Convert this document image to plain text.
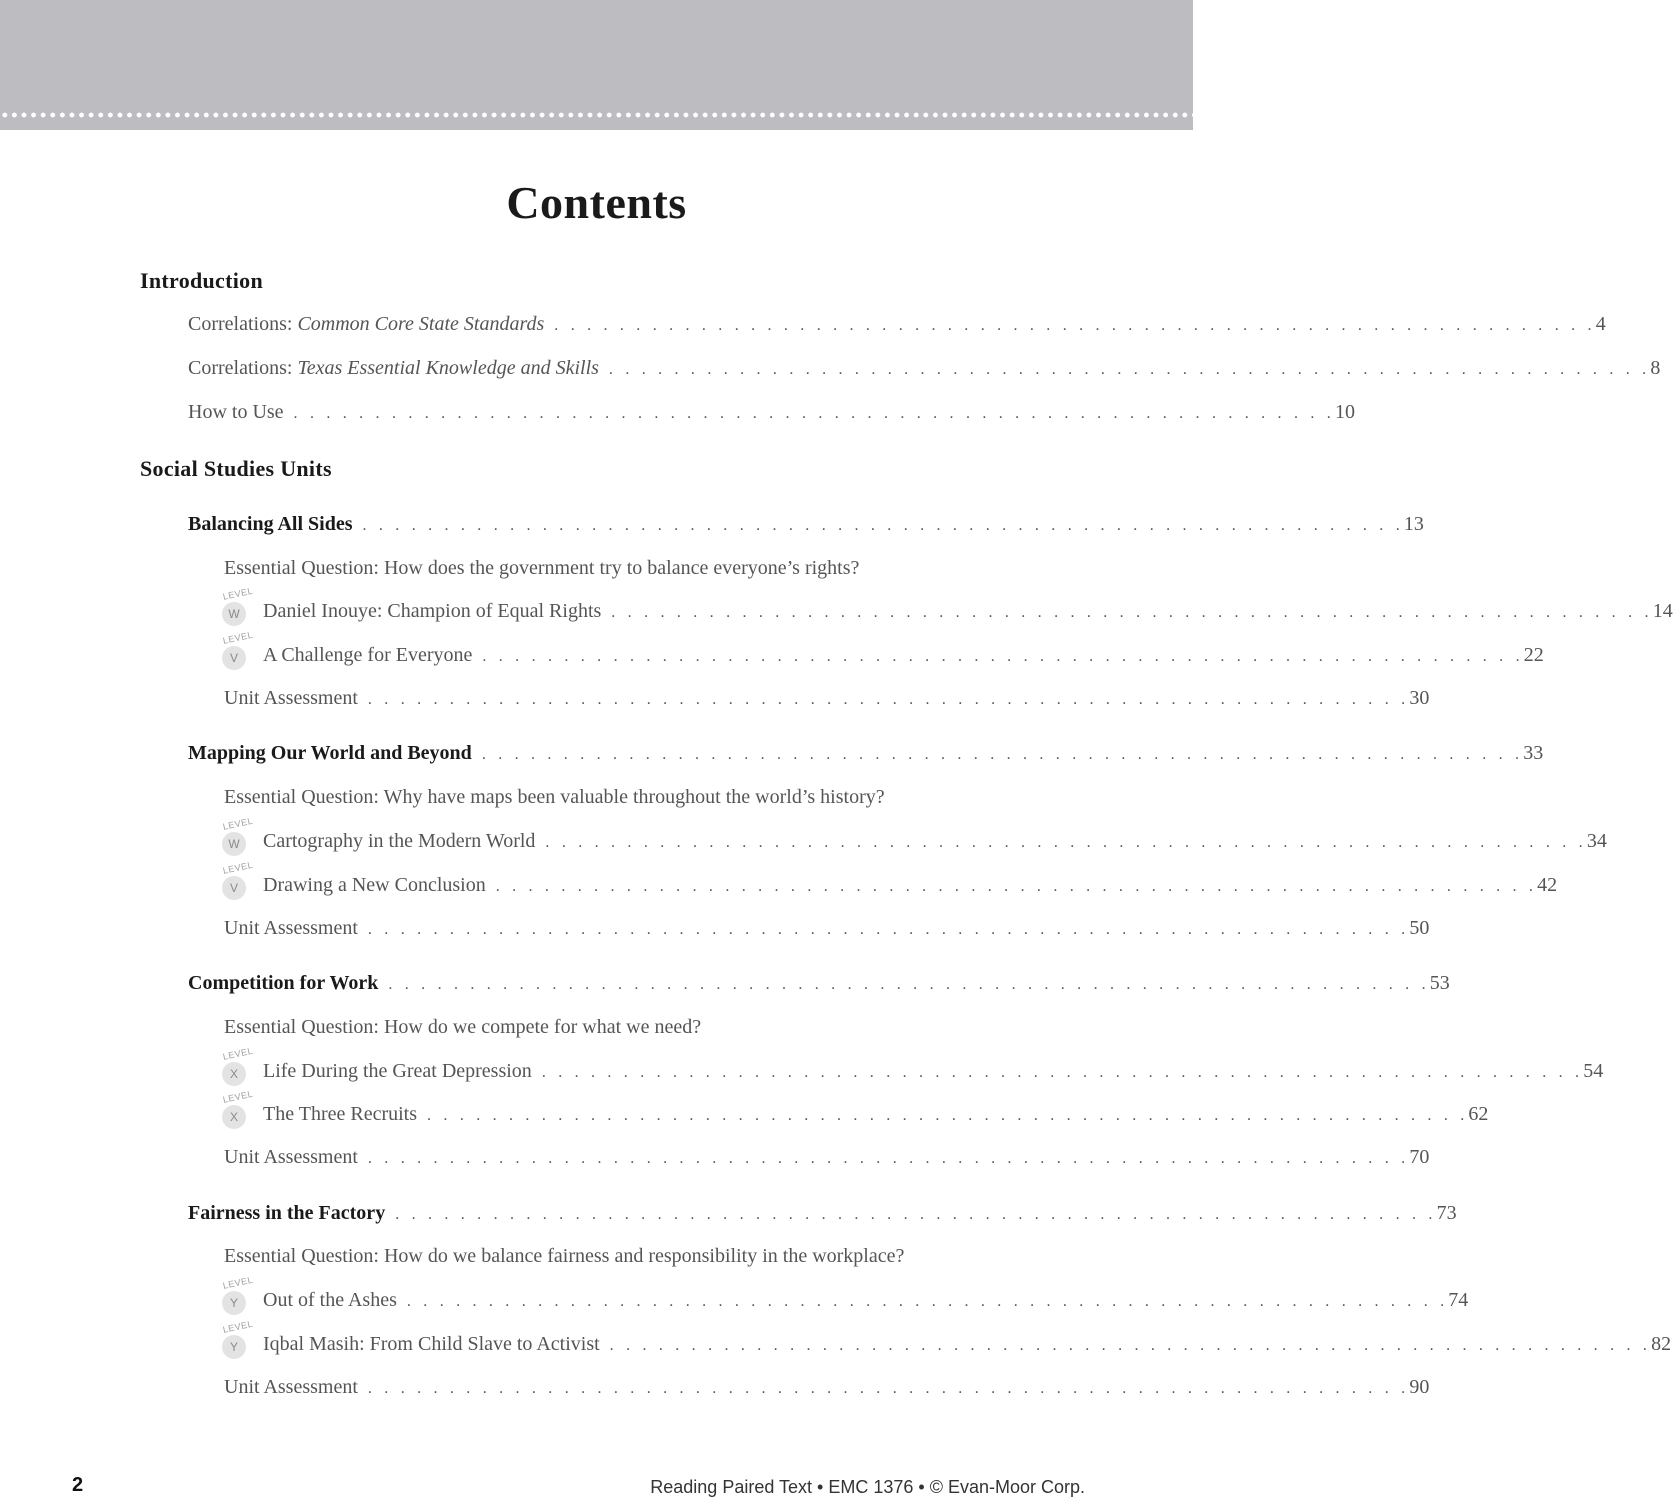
Contents
Introduction
Correlations: Common Core State Standards . . . . . . . . . . . . . . . . . . . . . . . . . . . . . . . . . . . . . . . . . . . . . . . . . . . . . . . . . . . . . . . . 4
Correlations: Texas Essential Knowledge and Skills . . . . . . . . . . . . . . . . . . . . . . . . . . . . . . . . . . . . . . . . . . . . . . . . . . . . . . . . . . . . . . . . 8
How to Use . . . . . . . . . . . . . . . . . . . . . . . . . . . . . . . . . . . . . . . . . . . . . . . . . . . . . . . . . . . . . . . . 10
Social Studies Units
Balancing All Sides . . . . . . . . . . . . . . . . . . . . . . . . . . . . . . . . . . . . . . . . . . . . . . . . . . . . . . . . . . . . . . . . 13
Essential Question: How does the government try to balance everyone’s rights?
LEVEL
W	Daniel Inouye: Champion of Equal Rights . . . . . . . . . . . . . . . . . . . . . . . . . . . . . . . . . . . . . . . . . . . . . . . . . . . . . . . . . . . . . . . . 14
LEVEL
V	A Challenge for Everyone . . . . . . . . . . . . . . . . . . . . . . . . . . . . . . . . . . . . . . . . . . . . . . . . . . . . . . . . . . . . . . . . 22
Unit Assessment . . . . . . . . . . . . . . . . . . . . . . . . . . . . . . . . . . . . . . . . . . . . . . . . . . . . . . . . . . . . . . . . 30
Mapping Our World and Beyond . . . . . . . . . . . . . . . . . . . . . . . . . . . . . . . . . . . . . . . . . . . . . . . . . . . . . . . . . . . . . . . . 33
Essential Question: Why have maps been valuable throughout the world’s history?
LEVEL
W	Cartography in the Modern World . . . . . . . . . . . . . . . . . . . . . . . . . . . . . . . . . . . . . . . . . . . . . . . . . . . . . . . . . . . . . . . . 34
LEVEL
V	Drawing a New Conclusion . . . . . . . . . . . . . . . . . . . . . . . . . . . . . . . . . . . . . . . . . . . . . . . . . . . . . . . . . . . . . . . . 42
Unit Assessment . . . . . . . . . . . . . . . . . . . . . . . . . . . . . . . . . . . . . . . . . . . . . . . . . . . . . . . . . . . . . . . . 50
Competition for Work . . . . . . . . . . . . . . . . . . . . . . . . . . . . . . . . . . . . . . . . . . . . . . . . . . . . . . . . . . . . . . . . 53
Essential Question: How do we compete for what we need?
LEVEL
X	Life During the Great Depression . . . . . . . . . . . . . . . . . . . . . . . . . . . . . . . . . . . . . . . . . . . . . . . . . . . . . . . . . . . . . . . . 54
LEVEL
X	The Three Recruits . . . . . . . . . . . . . . . . . . . . . . . . . . . . . . . . . . . . . . . . . . . . . . . . . . . . . . . . . . . . . . . . 62
Unit Assessment . . . . . . . . . . . . . . . . . . . . . . . . . . . . . . . . . . . . . . . . . . . . . . . . . . . . . . . . . . . . . . . . 70
Fairness in the Factory . . . . . . . . . . . . . . . . . . . . . . . . . . . . . . . . . . . . . . . . . . . . . . . . . . . . . . . . . . . . . . . . 73
Essential Question: How do we balance fairness and responsibility in the workplace?
LEVEL
Y	Out of the Ashes . . . . . . . . . . . . . . . . . . . . . . . . . . . . . . . . . . . . . . . . . . . . . . . . . . . . . . . . . . . . . . . . 74
LEVEL
Y	Iqbal Masih: From Child Slave to Activist . . . . . . . . . . . . . . . . . . . . . . . . . . . . . . . . . . . . . . . . . . . . . . . . . . . . . . . . . . . . . . . . 82
Unit Assessment . . . . . . . . . . . . . . . . . . . . . . . . . . . . . . . . . . . . . . . . . . . . . . . . . . . . . . . . . . . . . . . . 90
2	Reading Paired Text • EMC 1376 • © Evan-Moor Corp.
